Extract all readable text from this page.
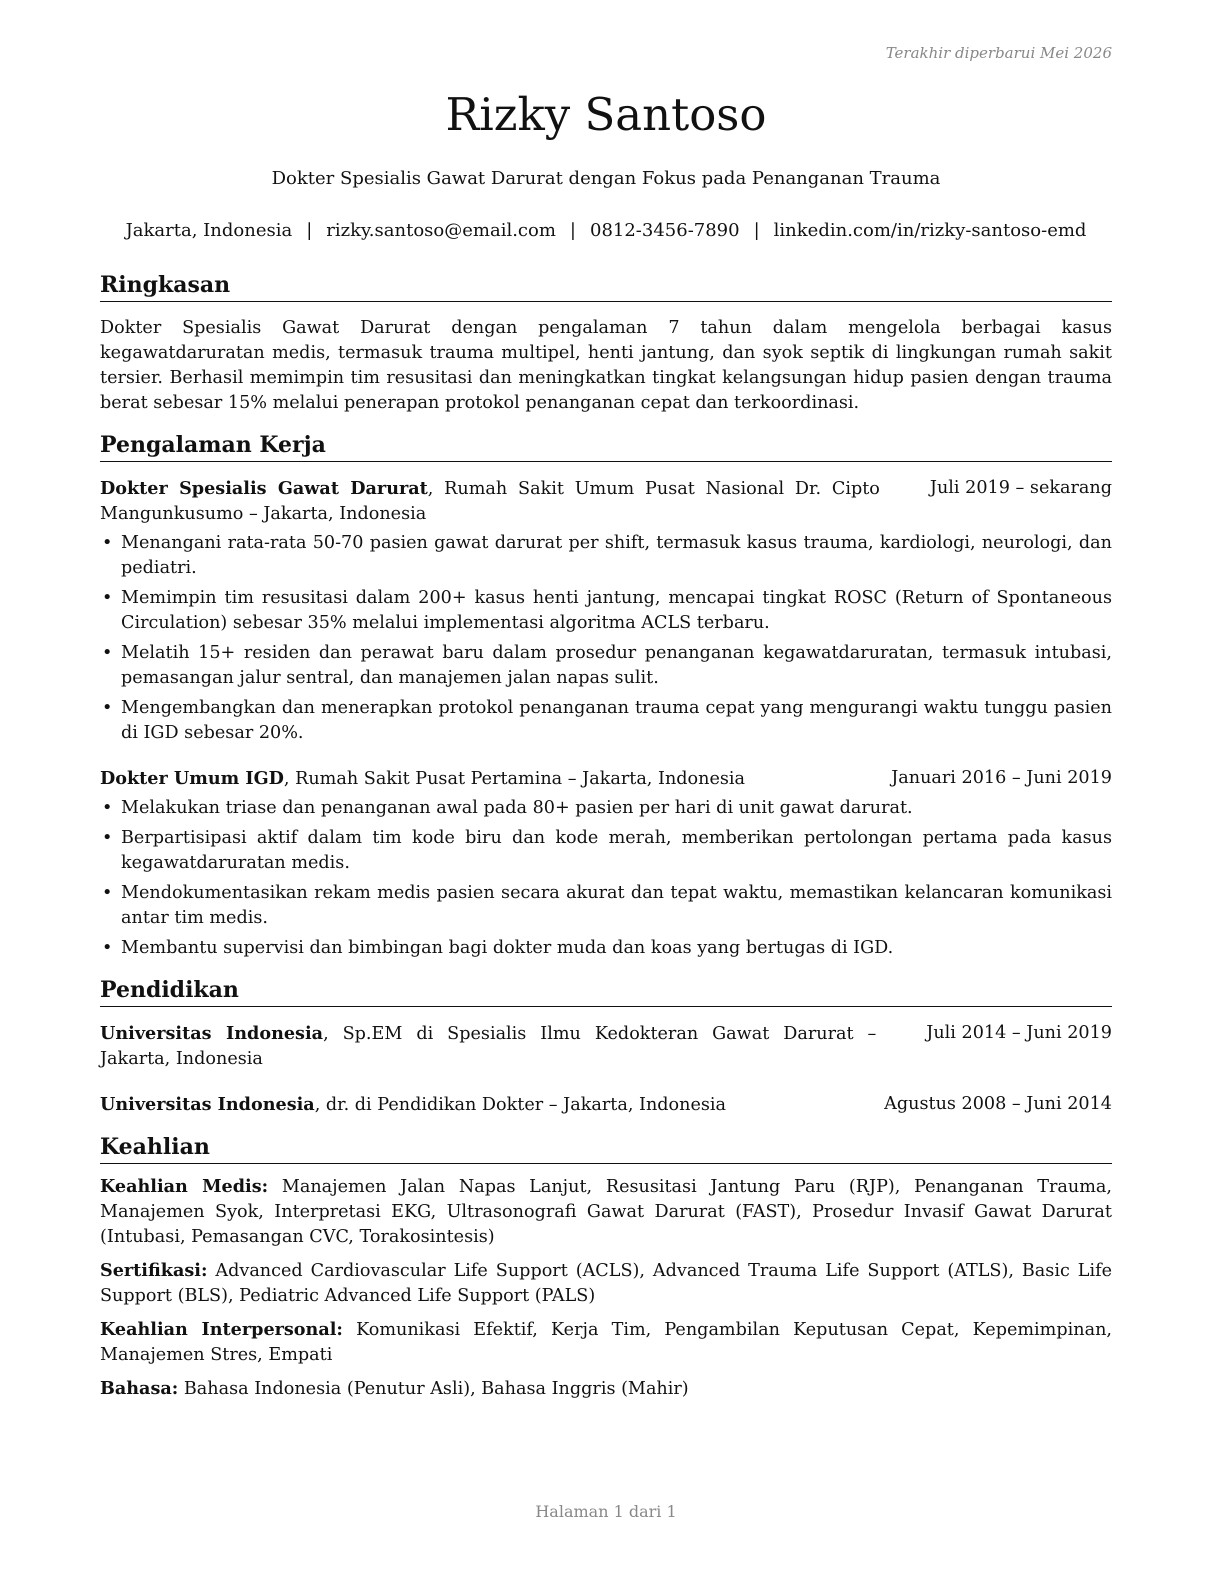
Terakhir diperbarui Mei 2026
Rizky Santoso
Dokter Spesialis Gawat Darurat dengan Fokus pada Penanganan Trauma
Jakarta, Indonesia | rizky.santoso@email.com | 0812-3456-7890 | linkedin.com/in/rizky-santoso-emd
Ringkasan

Dokter Spesialis Gawat Darurat dengan pengalaman 7 tahun dalam mengelola berbagai kasus kegawatdaruratan medis, termasuk trauma multipel, henti jantung, dan syok septik di lingkungan rumah sakit tersier. Berhasil memimpin tim resusitasi dan meningkatkan tingkat kelangsungan hidup pasien dengan trauma berat sebesar 15% melalui penerapan protokol penanganan cepat dan terkoordinasi.

Pengalaman Kerja
Dokter Spesialis Gawat Darurat, Rumah Sakit Umum Pusat Nasional Dr. Cipto Mangunkusumo – Jakarta, Indonesia
Juli 2019 – sekarang
• Menangani rata-rata 50-70 pasien gawat darurat per shift, termasuk kasus trauma, kardiologi, neurologi, dan pediatri.
• Memimpin tim resusitasi dalam 200+ kasus henti jantung, mencapai tingkat ROSC (Return of Spontaneous Circulation) sebesar 35% melalui implementasi algoritma ACLS terbaru.
• Melatih 15+ residen dan perawat baru dalam prosedur penanganan kegawatdaruratan, termasuk intubasi, pemasangan jalur sentral, dan manajemen jalan napas sulit.
• Mengembangkan dan menerapkan protokol penanganan trauma cepat yang mengurangi waktu tunggu pasien di IGD sebesar 20%.
Dokter Umum IGD, Rumah Sakit Pusat Pertamina – Jakarta, Indonesia	Januari 2016 – Juni 2019
• Melakukan triase dan penanganan awal pada 80+ pasien per hari di unit gawat darurat.
• Berpartisipasi aktif dalam tim kode biru dan kode merah, memberikan pertolongan pertama pada kasus kegawatdaruratan medis.
• Mendokumentasikan rekam medis pasien secara akurat dan tepat waktu, memastikan kelancaran komunikasi antar tim medis.
• Membantu supervisi dan bimbingan bagi dokter muda dan koas yang bertugas di IGD.
Pendidikan
Universitas Indonesia, Sp.EM di Spesialis Ilmu Kedokteran Gawat Darurat – Jakarta, Indonesia
Juli 2014 – Juni 2019
Universitas Indonesia, dr. di Pendidikan Dokter – Jakarta, Indonesia	Agustus 2008 – Juni 2014
Keahlian

Keahlian Medis: Manajemen Jalan Napas Lanjut, Resusitasi Jantung Paru (RJP), Penanganan Trauma, Manajemen Syok, Interpretasi EKG, Ultrasonografi Gawat Darurat (FAST), Prosedur Invasif Gawat Darurat (Intubasi, Pemasangan CVC, Torakosintesis)

Sertifikasi: Advanced Cardiovascular Life Support (ACLS), Advanced Trauma Life Support (ATLS), Basic Life Support (BLS), Pediatric Advanced Life Support (PALS)

Keahlian Interpersonal: Komunikasi Efektif, Kerja Tim, Pengambilan Keputusan Cepat, Kepemimpinan, Manajemen Stres, Empati

Bahasa: Bahasa Indonesia (Penutur Asli), Bahasa Inggris (Mahir)

Halaman 1 dari 1
